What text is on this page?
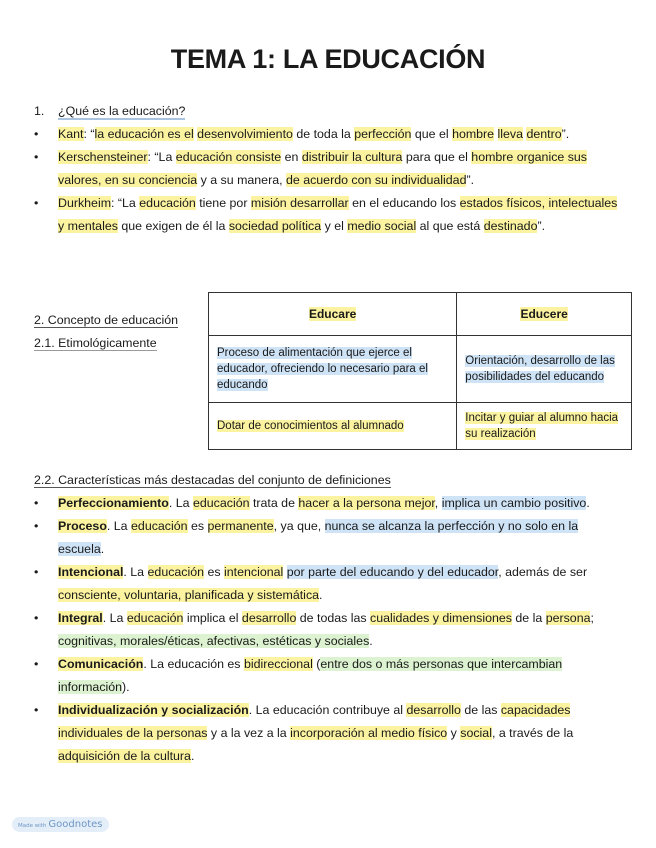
TEMA 1: LA EDUCACIÓN
1.	¿Qué es la educación?
•	Kant: “la educación es el desenvolvimiento de toda la perfección que el hombre lleva dentro”.
•	Kerschensteiner: “La educación consiste en distribuir la cultura para que el hombre organice sus valores, en su conciencia y a su manera, de acuerdo con su individualidad”.
•	Durkheim: “La educación tiene por misión desarrollar en el educando los estados físicos, intelectuales y mentales que exigen de él la sociedad política y el medio social al que está destinado”.
2. Concepto de educación
2.1. Etimológicamente
Educare	Educere
Proceso de alimentación que ejerce el educador, ofreciendo lo necesario para el educando	Orientación, desarrollo de las posibilidades del educando
Dotar de conocimientos al alumnado	Incitar y guiar al alumno hacia su realización
2.2. Características más destacadas del conjunto de definiciones
•	Perfeccionamiento. La educación trata de hacer a la persona mejor, implica un cambio positivo.
•	Proceso. La educación es permanente, ya que, nunca se alcanza la perfección y no solo en la escuela.
•	Intencional. La educación es intencional por parte del educando y del educador, además de ser consciente, voluntaria, planificada y sistemática.
•	Integral. La educación implica el desarrollo de todas las cualidades y dimensiones de la persona; cognitivas, morales/éticas, afectivas, estéticas y sociales.
•	Comunicación. La educación es bidireccional (entre dos o más personas que intercambian información).
•	Individualización y socialización. La educación contribuye al desarrollo de las capacidades individuales de la personas y a la vez a la incorporación al medio físico y social, a través de la adquisición de la cultura.
Made with Goodnotes
